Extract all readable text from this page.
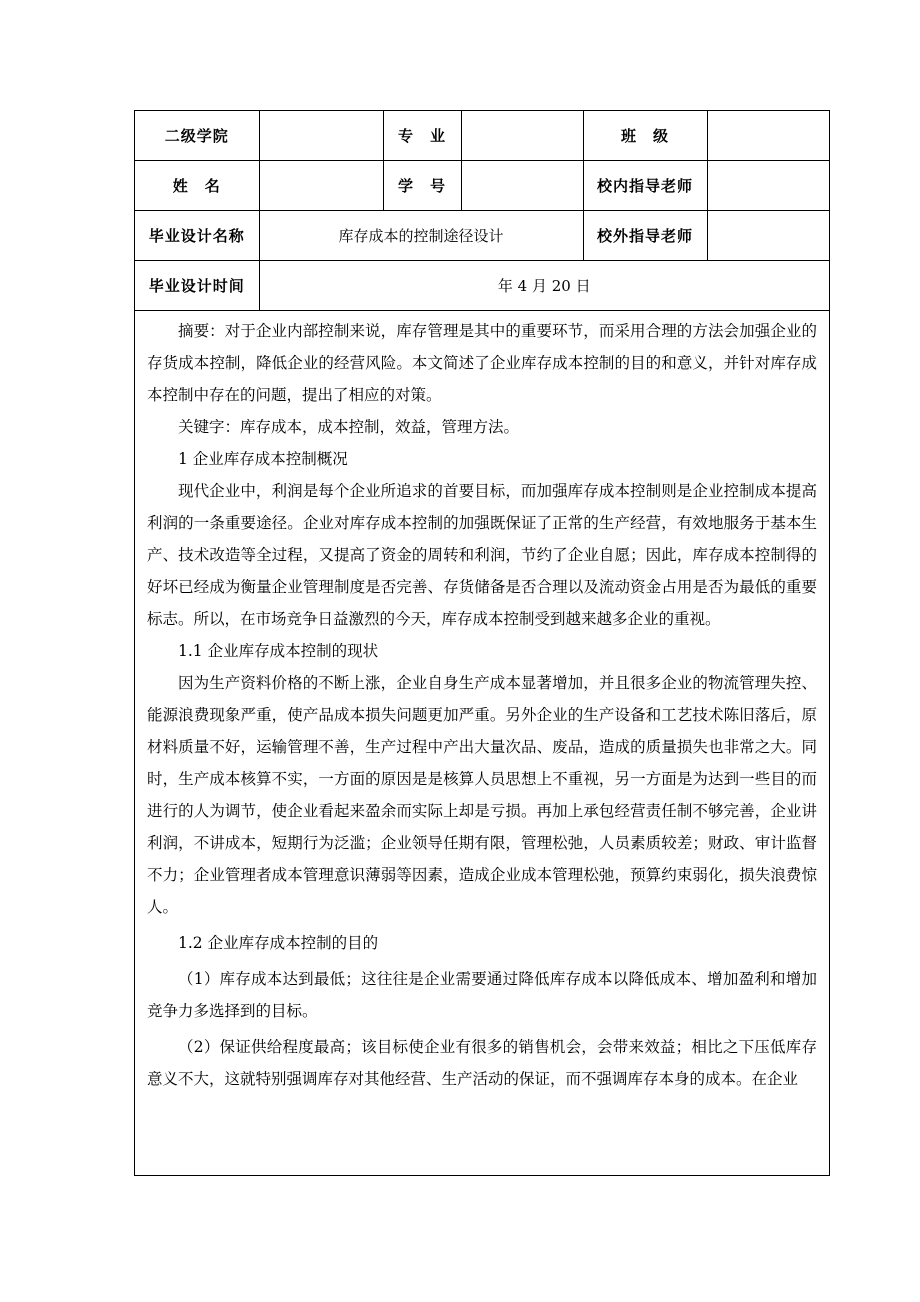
二级学院		专　业		班　级	
姓　名		学　号		校内指导老师	
毕业设计名称	库存成本的控制途径设计			校外指导老师	
毕业设计时间	年 4 月 20 日				

摘要：对于企业内部控制来说，库存管理是其中的重要环节，而采用合理的方法会加强企业的存货成本控制，降低企业的经营风险。本文简述了企业库存成本控制的目的和意义，并针对库存成本控制中存在的问题，提出了相应的对策。

关键字：库存成本，成本控制，效益，管理方法。

1 企业库存成本控制概况

现代企业中，利润是每个企业所追求的首要目标，而加强库存成本控制则是企业控制成本提高利润的一条重要途径。企业对库存成本控制的加强既保证了正常的生产经营，有效地服务于基本生产、技术改造等全过程，又提高了资金的周转和利润，节约了企业自愿；因此，库存成本控制得的好坏已经成为衡量企业管理制度是否完善、存货储备是否合理以及流动资金占用是否为最低的重要标志。所以，在市场竞争日益激烈的今天，库存成本控制受到越来越多企业的重视。

1.1 企业库存成本控制的现状

因为生产资料价格的不断上涨，企业自身生产成本显著增加，并且很多企业的物流管理失控、能源浪费现象严重，使产品成本损失问题更加严重。另外企业的生产设备和工艺技术陈旧落后，原材料质量不好，运输管理不善，生产过程中产出大量次品、废品，造成的质量损失也非常之大。同时，生产成本核算不实，一方面的原因是是核算人员思想上不重视，另一方面是为达到一些目的而进行的人为调节，使企业看起来盈余而实际上却是亏损。再加上承包经营责任制不够完善，企业讲利润，不讲成本，短期行为泛滥；企业领导任期有限，管理松弛，人员素质较差；财政、审计监督不力；企业管理者成本管理意识薄弱等因素，造成企业成本管理松弛，预算约束弱化，损失浪费惊人。

1.2 企业库存成本控制的目的

（1）库存成本达到最低；这往往是企业需要通过降低库存成本以降低成本、增加盈利和增加竞争力多选择到的目标。

（2）保证供给程度最高；该目标使企业有很多的销售机会，会带来效益；相比之下压低库存意义不大，这就特别强调库存对其他经营、生产活动的保证，而不强调库存本身的成本。在企业
